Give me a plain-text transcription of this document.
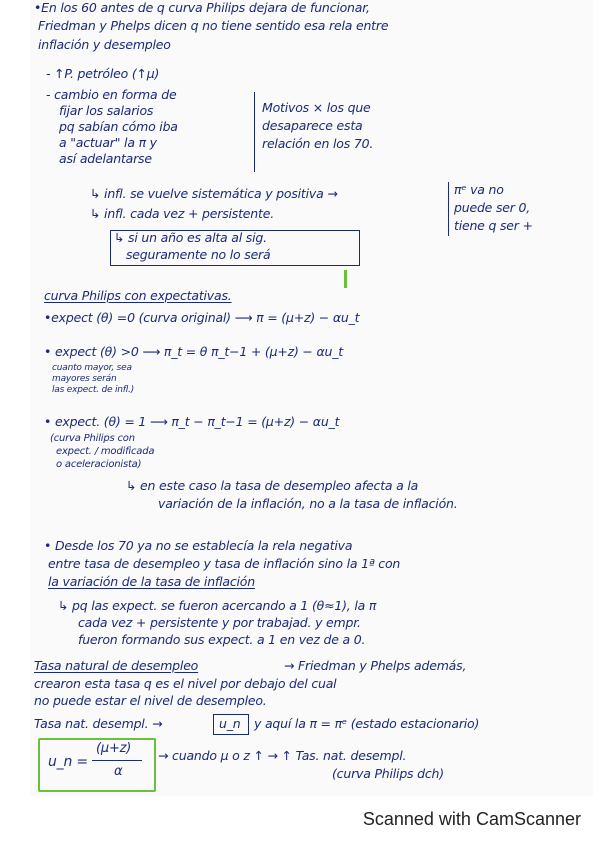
•En los 60 antes de q curva Philips dejara de funcionar,
Friedman y Phelps dicen q no tiene sentido esa rela entre
inflación y desempleo
- ↑P. petróleo (↑μ)
- cambio en forma de
fijar los salarios
pq sabían cómo iba
a "actuar" la π y
así adelantarse
Motivos × los que
desaparece esta
relación en los 70.
↳ infl. se vuelve sistemática y positiva →
↳ infl. cada vez + persistente.
πᵉ va no
puede ser 0,
tiene q ser +
↳ si un año es alta al sig.
seguramente no lo será
curva Philips con expectativas.
•expect (θ) =0 (curva original) ⟶ π = (μ+z) − αu_t
• expect (θ) >0 ⟶ π_t = θ π_t−1 + (μ+z) − αu_t
cuanto mayor, sea
mayores serán
las expect. de infl.)
• expect. (θ) = 1 ⟶ π_t − π_t−1 = (μ+z) − αu_t
(curva Philips con
expect. / modificada
o aceleracionista)
↳ en este caso la tasa de desempleo afecta a la
variación de la inflación, no a la tasa de inflación.
• Desde los 70 ya no se establecía la rela negativa
entre tasa de desempleo y tasa de inflación sino la 1ª con
la variación de la tasa de inflación
↳ pq las expect. se fueron acercando a 1 (θ≈1), la π
cada vez + persistente y por trabajad. y empr.
fueron formando sus expect. a 1 en vez de a 0.
Tasa natural de desempleo	→ Friedman y Phelps además,
crearon esta tasa q es el nivel por debajo del cual
no puede estar el nivel de desempleo.
Tasa nat. desempl. →	u_n y aquí la π = πᵉ (estado estacionario)
u_n =
(μ+z)
α
→ cuando μ o z ↑ → ↑ Tas. nat. desempl.
(curva Philips dch)
Scanned with CamScanner
